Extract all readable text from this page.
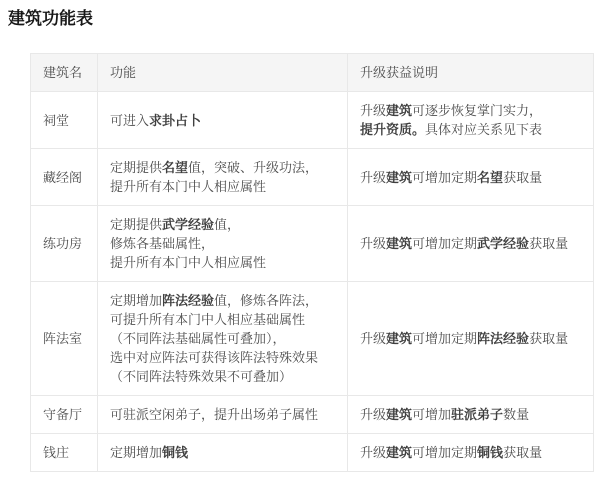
建筑功能表
建筑名	功能	升级获益说明
祠堂	可进入求卦占卜	升级建筑可逐步恢复掌门实力，
提升资质。具体对应关系见下表

藏经阁	定期提供名望值，突破、升级功法，
提升所有本门中人相应属性	升级建筑可增加定期名望获取量

练功房	定期提供武学经验值，
修炼各基础属性，
提升所有本门中人相应属性	升级建筑可增加定期武学经验获取量

阵法室	定期增加阵法经验值，修炼各阵法，
可提升所有本门中人相应基础属性
（不同阵法基础属性可叠加），
选中对应阵法可获得该阵法特殊效果
（不同阵法特殊效果不可叠加）	升级建筑可增加定期阵法经验获取量

守备厅	可驻派空闲弟子，提升出场弟子属性	升级建筑可增加驻派弟子数量

钱庄	定期增加铜钱	升级建筑可增加定期铜钱获取量
